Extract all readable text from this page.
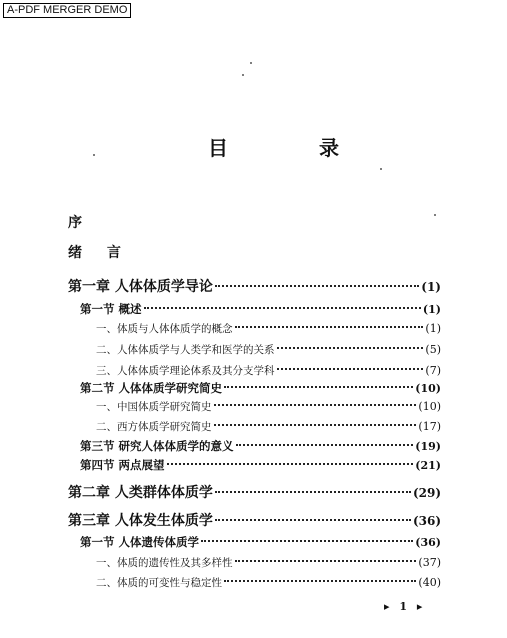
A-PDF MERGER DEMO
目 录
序
绪 言
第一章 人体体质学导论	(1)
第一节 概述	(1)
一、体质与人体体质学的概念	(1)
二、人体体质学与人类学和医学的关系	(5)
三、人体体质学理论体系及其分支学科	(7)
第二节 人体体质学研究简史	(10)
一、中国体质学研究简史	(10)
二、西方体质学研究简史	(17)
第三节 研究人体体质学的意义	(19)
第四节 两点展望	(21)
第二章 人类群体体质学	(29)
第三章 人体发生体质学	(36)
第一节 人体遗传体质学	(36)
一、体质的遗传性及其多样性	(37)
二、体质的可变性与稳定性	(40)
▸ 1 ▸
